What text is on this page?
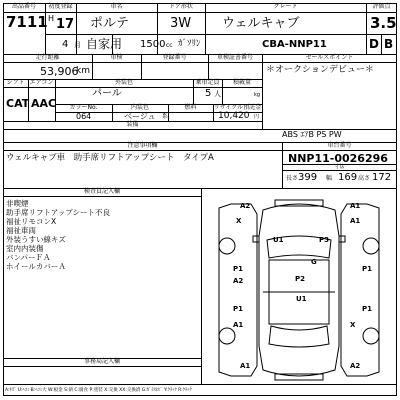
出品番号	初度登録	車名	ドア形状	グレード	評価点
7111 H 17 ポルテ	3W ウェルキャブ	3.5
4 月 自家用 1500 cc ｶﾞｿﾘﾝ	CBA-NNP11	D B
走行距離	車検	登録番号	車検証書番号	セールスポイント
53,906
km	＊オークションデビュー＊
シフト エアコン	外装色	乗車定員	積載量
CAT AAC
パール	5 人	kg
カラーNo.	内装色	燃料	リサイクル預託金
064	ベージュ 系	10,420 円
装備
ABS ｴｱB PS PW
注意事項欄	車台番号
ウェルキャブ車　助手席リフトアップシート　タイプA	NNP11-0026296
寸法
長さ 399 幅 169 高さ 172
検査員記入欄
非喫煙
助手席リフトアップシート不良
福祉リモコンX
福祉車両
外装うすい線キズ
室内内装傷
バンパーＦＡ
ホイールカバーＡ
事務局記入欄
A2	A1
X	A1
U1	P3
G
P1
A2	P2
P1
P1
U1
P1
A1	X
A1	A2
A:ｷｽﾞ U:ﾍｺﾐ B:ﾍｺﾐ大 W:板金 S:錆 C:腐食 P:塗装 X:交換 XX:交換済 G:ｶﾞﾗｽﾋﾋﾞ Y:ｸﾗｯｸ R:ｸﾗｯｸ
